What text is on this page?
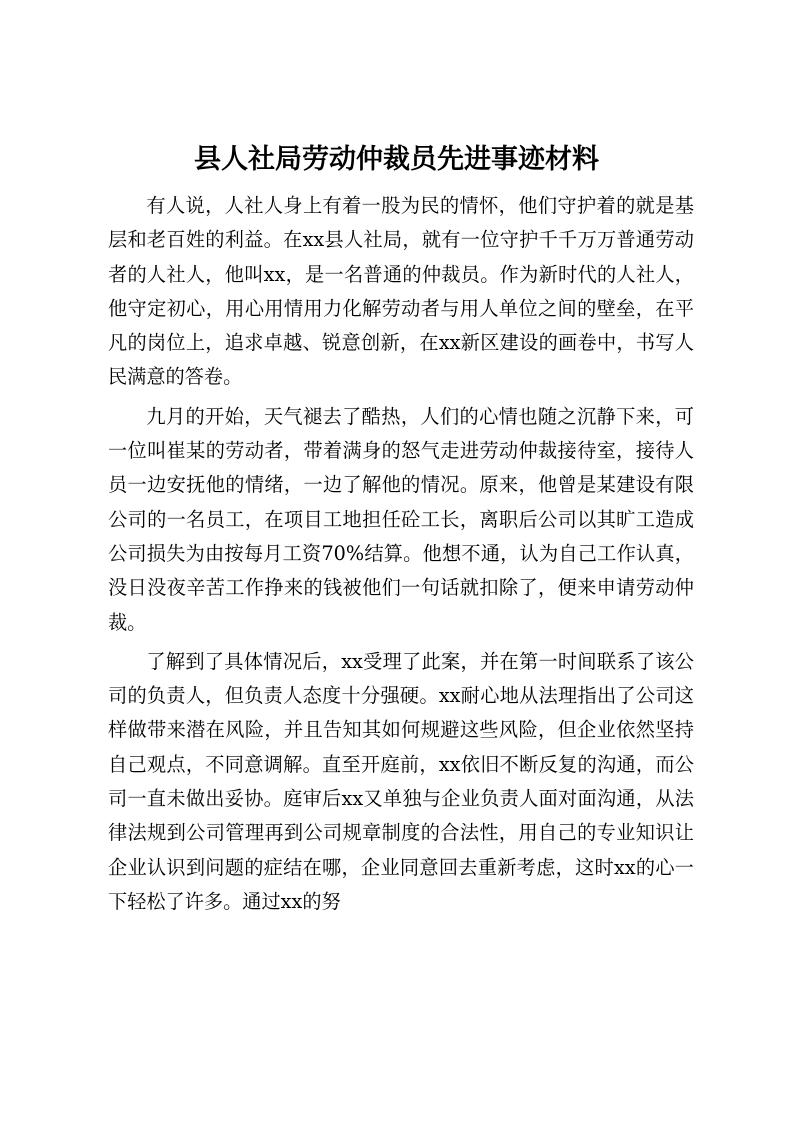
县人社局劳动仲裁员先进事迹材料

有人说，人社人身上有着一股为民的情怀，他们守护着的就是基层和老百姓的利益。在xx县人社局，就有一位守护千千万万普通劳动者的人社人，他叫xx，是一名普通的仲裁员。作为新时代的人社人，他守定初心，用心用情用力化解劳动者与用人单位之间的壁垒，在平凡的岗位上，追求卓越、锐意创新，在xx新区建设的画卷中，书写人民满意的答卷。

九月的开始，天气褪去了酷热，人们的心情也随之沉静下来，可一位叫崔某的劳动者，带着满身的怒气走进劳动仲裁接待室，接待人员一边安抚他的情绪，一边了解他的情况。原来，他曾是某建设有限公司的一名员工，在项目工地担任砼工长，离职后公司以其旷工造成公司损失为由按每月工资70%结算。他想不通，认为自己工作认真，没日没夜辛苦工作挣来的钱被他们一句话就扣除了，便来申请劳动仲裁。

了解到了具体情况后，xx受理了此案，并在第一时间联系了该公司的负责人，但负责人态度十分强硬。xx耐心地从法理指出了公司这样做带来潜在风险，并且告知其如何规避这些风险，但企业依然坚持自己观点，不同意调解。直至开庭前，xx依旧不断反复的沟通，而公司一直未做出妥协。庭审后xx又单独与企业负责人面对面沟通，从法律法规到公司管理再到公司规章制度的合法性，用自己的专业知识让企业认识到问题的症结在哪，企业同意回去重新考虑，这时xx的心一下轻松了许多。通过xx的努
